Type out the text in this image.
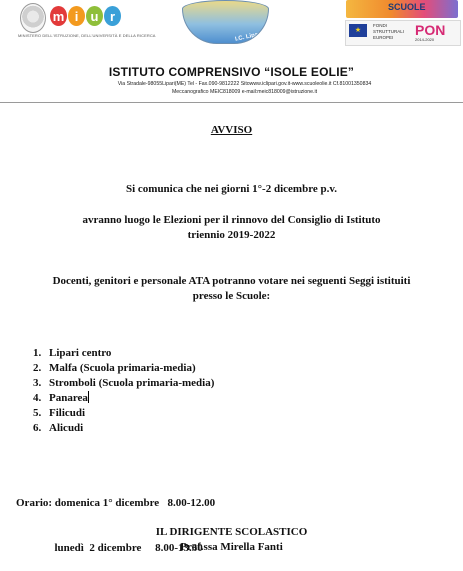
m i u r
MINISTERO DELL'ISTRUZIONE, DELL'UNIVERSITÀ E DELLA RICERCA	I.C. Lipari
SCUOLE
★
FONDI STRUTTURALI EUROPEI	PON
2014-2020
ISTITUTO COMPRENSIVO “ISOLE EOLIE”
Via Stradale-98055Lipari(ME) Tel - Fax.090-9812222 Sitowww.iclipari.gov.it-www.scuoleolie.it Cf.81001350834
Meccanografico MEIC818009 e-mail:meic818009@istruzione.it
AVVISO
Si comunica che nei giorni 1°-2 dicembre p.v.
avranno luogo le Elezioni per il rinnovo del Consiglio di Istituto
triennio 2019-2022
Docenti, genitori e personale ATA potranno votare nei seguenti Seggi istituiti
presso le Scuole:
1. Lipari centro
2. Malfa (Scuola primaria-media)
3. Stromboli (Scuola primaria-media)
4. Panarea
5. Filicudi
6. Alicudi

Orario: domenica 1° dicembre   8.00-12.00

lunedì  2 dicembre     8.00-13.30

IL DIRIGENTE SCOLASTICO
Prof.ssa Mirella Fanti
